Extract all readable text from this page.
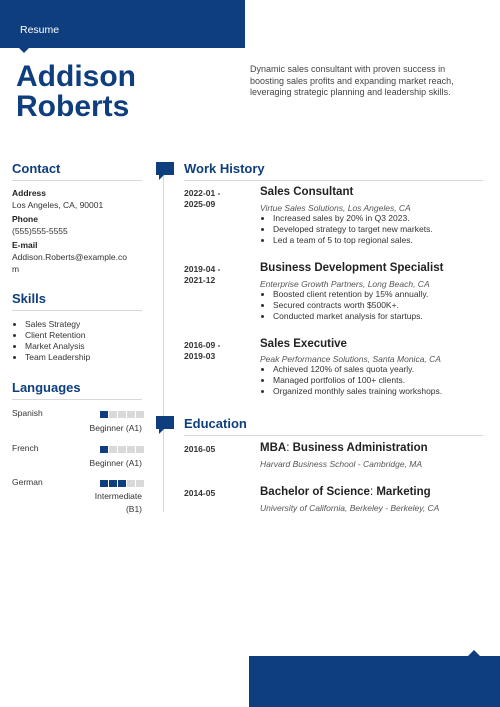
Resume
Addison
Roberts
Dynamic sales consultant with proven success in boosting sales profits and expanding market reach, leveraging strategic planning and leadership skills.
Contact
Address
Los Angeles, CA, 90001
Phone
(555)555-5555
E-mail
Addison.Roberts@example.co
m
Skills
Sales Strategy
Client Retention
Market Analysis
Team Leadership
Languages
Spanish
Beginner (A1)
French
Beginner (A1)
German
Intermediate
(B1)
Work History
2022-01 -
2025-09
Sales Consultant
Virtue Sales Solutions, Los Angeles, CA
Increased sales by 20% in Q3 2023.
Developed strategy to target new markets.
Led a team of 5 to top regional sales.
2019-04 -
2021-12
Business Development Specialist
Enterprise Growth Partners, Long Beach, CA
Boosted client retention by 15% annually.
Secured contracts worth $500K+.
Conducted market analysis for startups.
2016-09 -
2019-03
Sales Executive
Peak Performance Solutions, Santa Monica, CA
Achieved 120% of sales quota yearly.
Managed portfolios of 100+ clients.
Organized monthly sales training workshops.
Education
2016-05	MBA: Business Administration
Harvard Business School - Cambridge, MA
2014-05	Bachelor of Science: Marketing
University of California, Berkeley - Berkeley, CA
